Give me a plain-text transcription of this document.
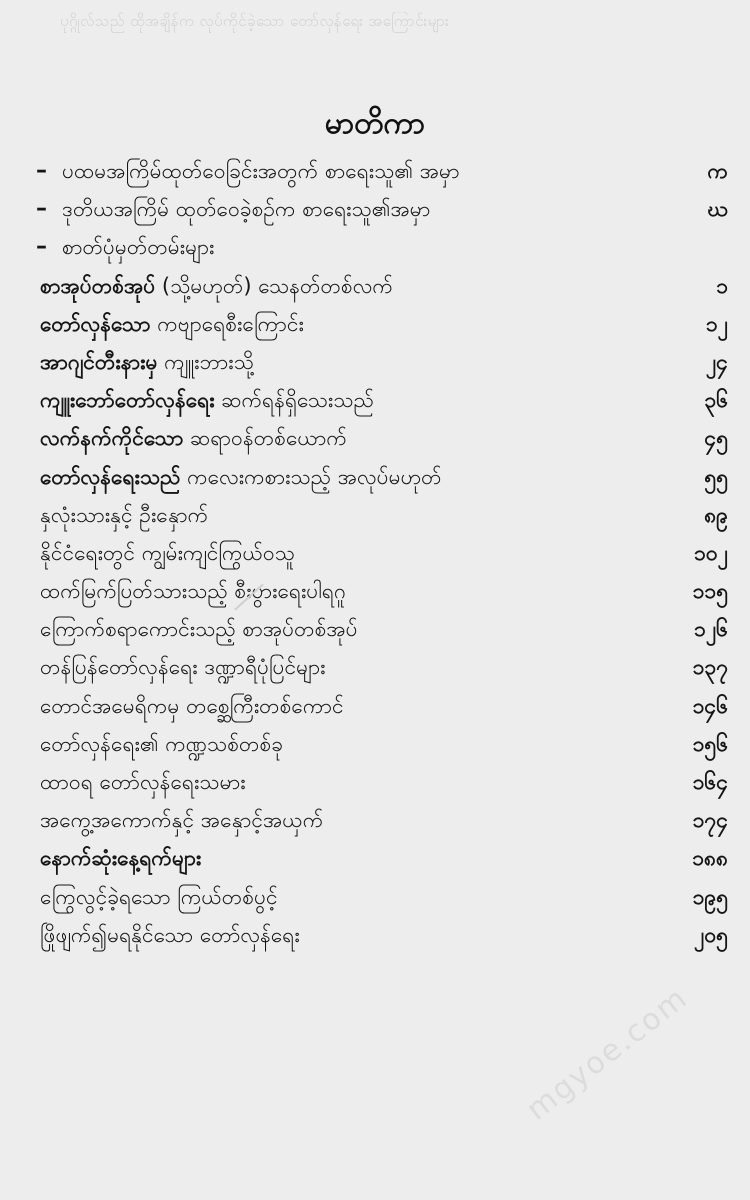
ပုဂ္ဂိုလ်သည် ထိုအချိန်က လုပ်ကိုင်ခဲ့သော တော်လှန်ရေး အကြောင်းများ
မာတိကာ
– ပထမအကြိမ်ထုတ်ဝေခြင်းအတွက် စာရေးသူ၏ အမှာ	က
– ဒုတိယအကြိမ် ထုတ်ဝေခဲ့စဉ်က စာရေးသူ၏အမှာ	ဃ
– စာတ်ပုံမှတ်တမ်းများ
စာအုပ်တစ်အုပ် (သို့မဟုတ်) သေနတ်တစ်လက်	၁
တော်လှန်သော ကဗျာရေစီးကြောင်း	၁၂
အာဂျင်တီးနားမှ ကျူးဘားသို့	၂၄
ကျူးဘော်တော်လှန်ရေး ဆက်ရန်ရှိသေးသည်	၃၆
လက်နက်ကိုင်သော ဆရာဝန်တစ်ယောက်	၄၅
တော်လှန်ရေးသည် ကလေးကစားသည့် အလုပ်မဟုတ်	၅၅
နှလုံးသားနှင့် ဦးနှောက်	၈၉
နိုင်ငံရေးတွင် ကျွမ်းကျင်ကြွယ်ဝသူ	၁၀၂
ထက်မြက်ပြတ်သားသည့် စီးပွားရေးပါရဂူ	၁၁၅
ကြောက်စရာကောင်းသည့် စာအုပ်တစ်အုပ်	၁၂၆
တန်ပြန်တော်လှန်ရေး ဒဏ္ဍာရီပုံပြင်များ	၁၃၇
တောင်အမေရိကမှ တစ္ဆေကြီးတစ်ကောင်	၁၄၆
တော်လှန်ရေး၏ ကဏ္ဍသစ်တစ်ခု	၁၅၆
ထာဝရ တော်လှန်ရေးသမား	၁၆၄
အကွေ့အကောက်နှင့် အနှောင့်အယှက်	၁၇၄
နောက်ဆုံးနေ့ရက်များ	၁၈၈
ကြွေလွင့်ခဲ့ရသော ကြယ်တစ်ပွင့်	၁၉၅
ဖြိုဖျက်၍မရနိုင်သော တော်လှန်ရေး	၂၀၅
mgyoe.com
